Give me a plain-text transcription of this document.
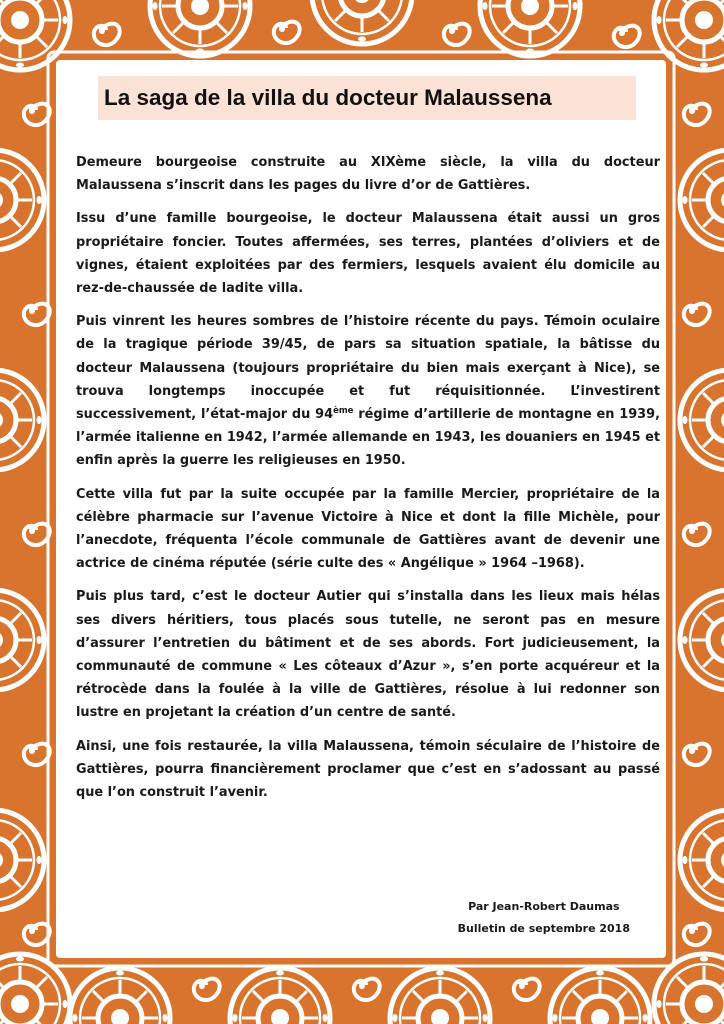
La saga de la villa du docteur Malaussena

Demeure bourgeoise construite au XIXème siècle, la villa du docteur Malaussena s’inscrit dans les pages du livre d’or de Gattières.

Issu d’une famille bourgeoise, le docteur Malaussena était aussi un gros propriétaire foncier. Toutes affermées, ses terres, plantées d’oliviers et de vignes, étaient exploitées par des fermiers, lesquels avaient élu domicile au rez-de-chaussée de ladite villa.

Puis vinrent les heures sombres de l’histoire récente du pays. Témoin oculaire de la tragique période 39/45, de pars sa situation spatiale, la bâtisse du docteur Malaussena (toujours propriétaire du bien mais exerçant à Nice), se trouva longtemps inoccupée et fut réquisitionnée. L’investirent successivement, l’état-major du 94ème régime d’artillerie de montagne en 1939, l’armée italienne en 1942, l’armée allemande en 1943, les douaniers en 1945 et enfin après la guerre les religieuses en 1950.

Cette villa fut par la suite occupée par la famille Mercier, propriétaire de la célèbre pharmacie sur l’avenue Victoire à Nice et dont la fille Michèle, pour l’anecdote, fréquenta l’école communale de Gattières avant de devenir une actrice de cinéma réputée (série culte des « Angélique » 1964 –1968).

Puis plus tard, c’est le docteur Autier qui s’installa dans les lieux mais hélas ses divers héritiers, tous placés sous tutelle, ne seront pas en mesure d’assurer l’entretien du bâtiment et de ses abords. Fort judicieusement, la communauté de commune « Les côteaux d’Azur », s’en porte acquéreur et la rétrocède dans la foulée à la ville de Gattières, résolue à lui redonner son lustre en projetant la création d’un centre de santé.

Ainsi, une fois restaurée, la villa Malaussena, témoin séculaire de l’histoire de Gattières, pourra financièrement proclamer que c’est en s’adossant au passé que l’on construit l’avenir.

Par Jean-Robert Daumas
Bulletin de septembre 2018
